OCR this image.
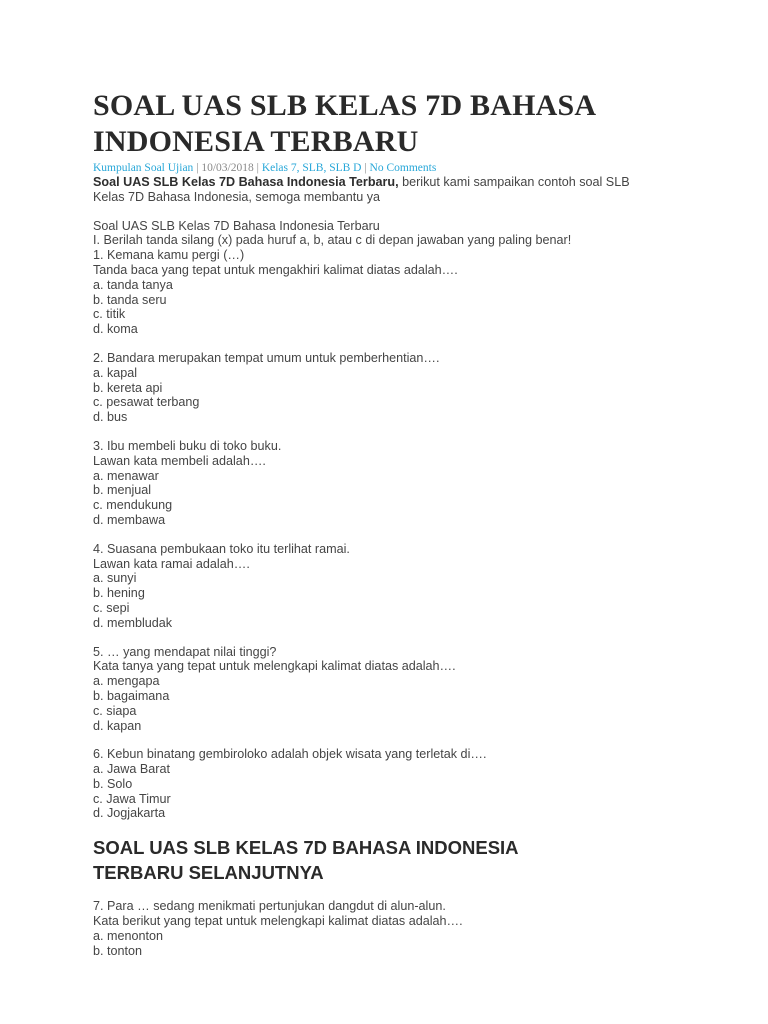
SOAL UAS SLB KELAS 7D BAHASA
INDONESIA TERBARU
Kumpulan Soal Ujian | 10/03/2018 | Kelas 7, SLB, SLB D | No Comments
Soal UAS SLB Kelas 7D Bahasa Indonesia Terbaru, berikut kami sampaikan contoh soal SLB
Kelas 7D Bahasa Indonesia, semoga membantu ya
Soal UAS SLB Kelas 7D Bahasa Indonesia Terbaru
I. Berilah tanda silang (x) pada huruf a, b, atau c di depan jawaban yang paling benar!
1. Kemana kamu pergi (…)
Tanda baca yang tepat untuk mengakhiri kalimat diatas adalah….
a. tanda tanya
b. tanda seru
c. titik
d. koma
2. Bandara merupakan tempat umum untuk pemberhentian….
a. kapal
b. kereta api
c. pesawat terbang
d. bus
3. Ibu membeli buku di toko buku.
Lawan kata membeli adalah….
a. menawar
b. menjual
c. mendukung
d. membawa
4. Suasana pembukaan toko itu terlihat ramai.
Lawan kata ramai adalah….
a. sunyi
b. hening
c. sepi
d. membludak
5. … yang mendapat nilai tinggi?
Kata tanya yang tepat untuk melengkapi kalimat diatas adalah….
a. mengapa
b. bagaimana
c. siapa
d. kapan
6. Kebun binatang gembiroloko adalah objek wisata yang terletak di….
a. Jawa Barat
b. Solo
c. Jawa Timur
d. Jogjakarta
SOAL UAS SLB KELAS 7D BAHASA INDONESIA
TERBARU SELANJUTNYA
7. Para … sedang menikmati pertunjukan dangdut di alun-alun.
Kata berikut yang tepat untuk melengkapi kalimat diatas adalah….
a. menonton
b. tonton
